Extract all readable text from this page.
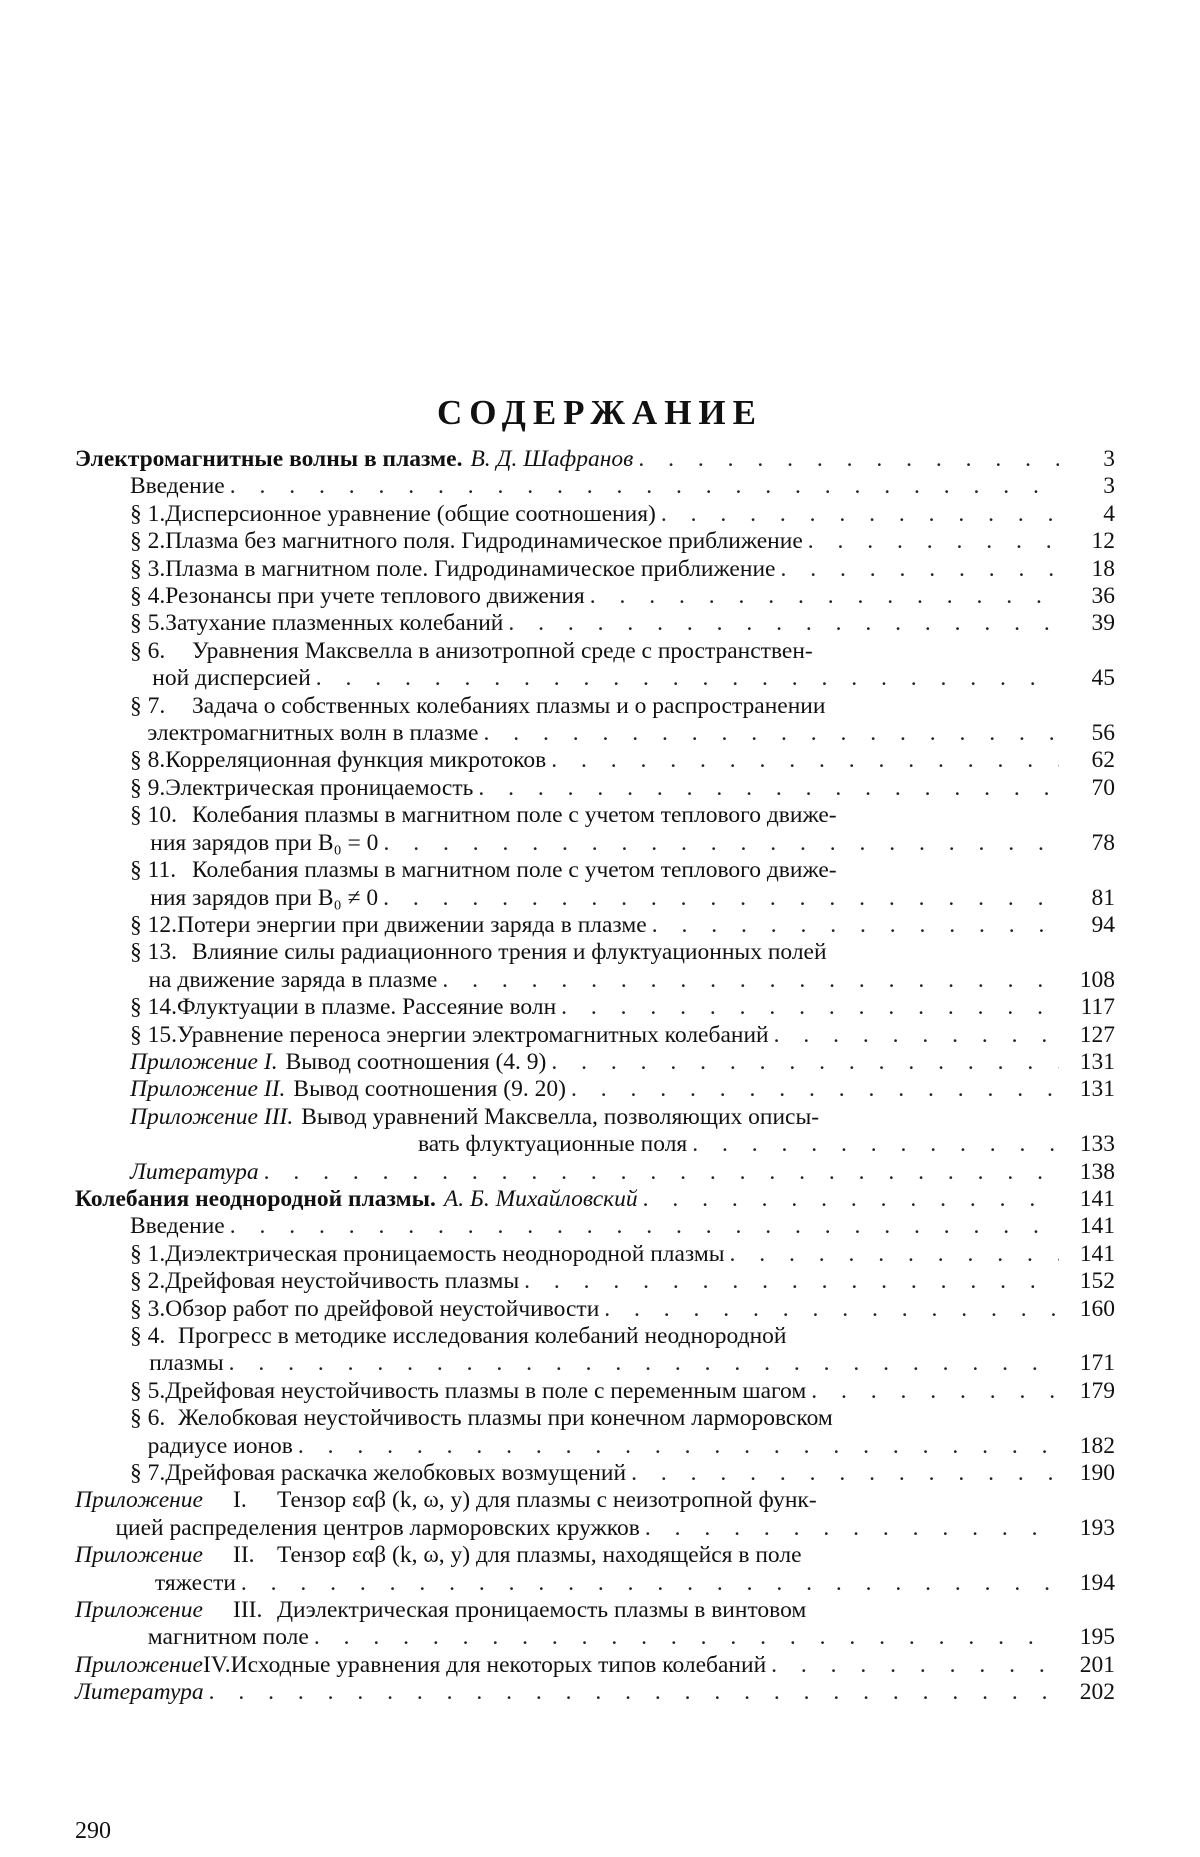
СОДЕРЖАНИЕ
Электромагнитные волны в плазме. В. Д. Шафранов . . .	3
Введение . . .	3
§ 1. Дисперсионное уравнение (общие соотношения) . . .	4
§ 2. Плазма без магнитного поля. Гидродинамическое приближение . . .	12
§ 3. Плазма в магнитном поле. Гидродинамическое приближение . . .	18
§ 4. Резонансы при учете теплового движения . . .	36
§ 5. Затухание плазменных колебаний . . .	39
§ 6.	Уравнения Максвелла в анизотропной среде с пространствен-
ной дисперсией . . .	45
§ 7.	Задача о собственных колебаниях плазмы и о распространении
электромагнитных волн в плазме . . .	56
§ 8. Корреляционная функция микротоков . . .	62
§ 9. Электрическая проницаемость . . .	70
§ 10. Колебания плазмы в магнитном поле с учетом теплового движе-
ния зарядов при B₀ = 0 . . .	78
§ 11. Колебания плазмы в магнитном поле с учетом теплового движе-
ния зарядов при B₀ ≠ 0 . . .	81
§ 12. Потери энергии при движении заряда в плазме . . .	94
§ 13. Влияние силы радиационного трения и флуктуационных полей
на движение заряда в плазме . . .	108
§ 14. Флуктуации в плазме. Рассеяние волн . . .	117
§ 15. Уравнение переноса энергии электромагнитных колебаний . . .	127
Приложение I. Вывод соотношения (4. 9) . . .	131
Приложение II. Вывод соотношения (9. 20) . . .	131
Приложение III. Вывод уравнений Максвелла, позволяющих описы-
вать флуктуационные поля . . .	133
Литература . . .	138
Колебания неоднородной плазмы. А. Б. Михайловский . . .	141
Введение . . .	141
§ 1. Диэлектрическая проницаемость неоднородной плазмы . . .	141
§ 2. Дрейфовая неустойчивость плазмы . . .	152
§ 3. Обзор работ по дрейфовой неустойчивости . . .	160
§ 4. Прогресс в методике исследования колебаний неоднородной
плазмы . . .	171
§ 5. Дрейфовая неустойчивость плазмы в поле с переменным шагом . . .	179
§ 6. Желобковая неустойчивость плазмы при конечном ларморовском
радиусе ионов . . .	182
§ 7. Дрейфовая раскачка желобковых возмущений . . .	190
Приложение	I.	Тензор εαβ (k, ω, y) для плазмы с неизотропной функ-
цией распределения центров ларморовских кружков . . .	193
Приложение	II. Тензор εαβ (k, ω, y) для плазмы, находящейся в поле
тяжести . . .	194
Приложение	III. Диэлектрическая проницаемость плазмы в винтовом
магнитном поле . . .	195
Приложение IV. Исходные уравнения для некоторых типов колебаний . . .	201
Литература . . .	202
290
